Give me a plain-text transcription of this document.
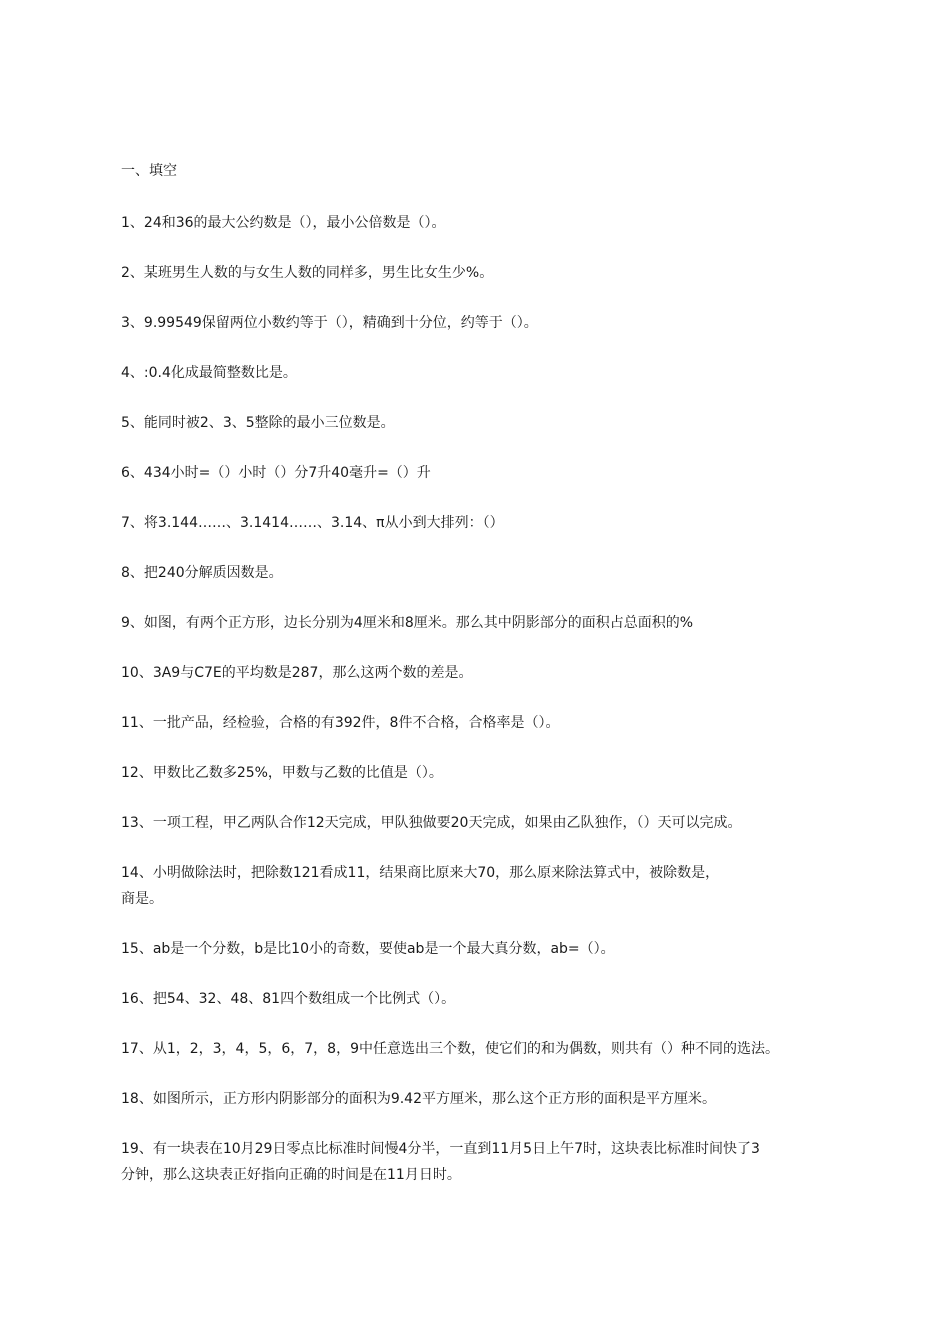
一、填空
1、24和36的最大公约数是（），最小公倍数是（）。
2、某班男生人数的与女生人数的同样多，男生比女生少%。
3、9.99549保留两位小数约等于（），精确到十分位，约等于（）。
4、:0.4化成最简整数比是。
5、能同时被2、3、5整除的最小三位数是。
6、434小时=（）小时（）分7升40毫升=（）升
7、将3.144……、3.1414……、3.14、π从小到大排列：（）
8、把240分解质因数是。
9、如图，有两个正方形，边长分别为4厘米和8厘米。那么其中阴影部分的面积占总面积的%
10、3A9与C7E的平均数是287，那么这两个数的差是。
11、一批产品，经检验，合格的有392件，8件不合格，合格率是（）。
12、甲数比乙数多25%，甲数与乙数的比值是（）。
13、一项工程，甲乙两队合作12天完成，甲队独做要20天完成，如果由乙队独作，（）天可以完成。
14、小明做除法时，把除数121看成11，结果商比原来大70，那么原来除法算式中，被除数是，
商是。
15、ab是一个分数，b是比10小的奇数，要使ab是一个最大真分数，ab=（）。
16、把54、32、48、81四个数组成一个比例式（）。
17、从1，2，3，4，5，6，7，8，9中任意选出三个数，使它们的和为偶数，则共有（）种不同的选法。
18、如图所示，正方形内阴影部分的面积为9.42平方厘米，那么这个正方形的面积是平方厘米。
19、有一块表在10月29日零点比标准时间慢4分半，一直到11月5日上午7时，这块表比标准时间快了3
分钟，那么这块表正好指向正确的时间是在11月日时。
